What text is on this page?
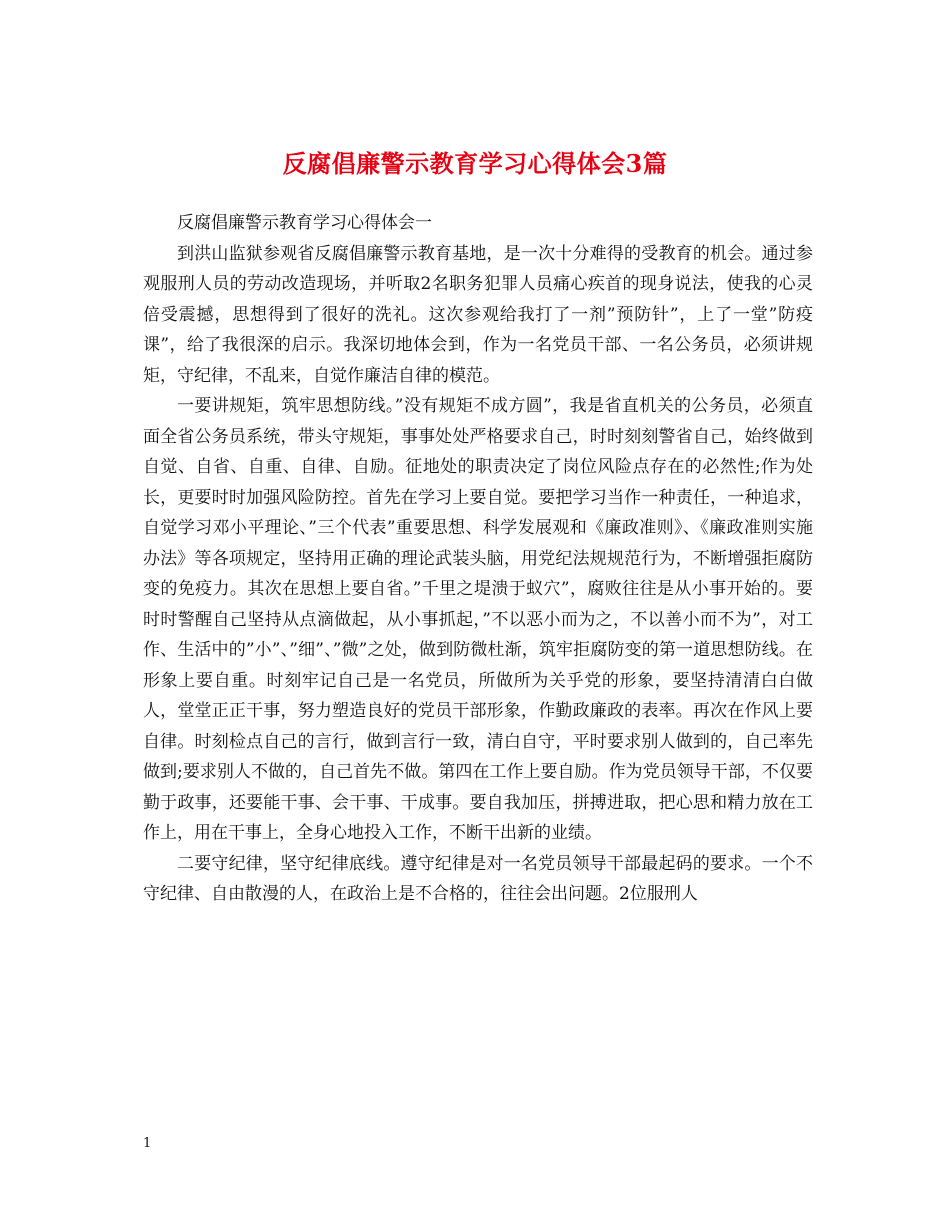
反腐倡廉警示教育学习心得体会3篇

反腐倡廉警示教育学习心得体会一

到洪山监狱参观省反腐倡廉警示教育基地，是一次十分难得的受教育的机会。通过参观服刑人员的劳动改造现场，并听取2名职务犯罪人员痛心疾首的现身说法，使我的心灵倍受震撼，思想得到了很好的洗礼。这次参观给我打了一剂”预防针”，上了一堂”防疫课”，给了我很深的启示。我深切地体会到，作为一名党员干部、一名公务员，必须讲规矩，守纪律，不乱来，自觉作廉洁自律的模范。

一要讲规矩，筑牢思想防线。”没有规矩不成方圆”，我是省直机关的公务员，必须直面全省公务员系统，带头守规矩，事事处处严格要求自己，时时刻刻警省自己，始终做到自觉、自省、自重、自律、自励。征地处的职责决定了岗位风险点存在的必然性;作为处长，更要时时加强风险防控。首先在学习上要自觉。要把学习当作一种责任，一种追求，自觉学习邓小平理论、”三个代表”重要思想、科学发展观和《廉政准则》、《廉政准则实施办法》等各项规定，坚持用正确的理论武装头脑，用党纪法规规范行为，不断增强拒腐防变的免疫力。其次在思想上要自省。”千里之堤溃于蚁穴”，腐败往往是从小事开始的。要时时警醒自己坚持从点滴做起，从小事抓起，”不以恶小而为之，不以善小而不为”，对工作、生活中的”小”、”细”、”微”之处，做到防微杜渐，筑牢拒腐防变的第一道思想防线。在形象上要自重。时刻牢记自己是一名党员，所做所为关乎党的形象，要坚持清清白白做人，堂堂正正干事，努力塑造良好的党员干部形象，作勤政廉政的表率。再次在作风上要自律。时刻检点自己的言行，做到言行一致，清白自守，平时要求别人做到的，自己率先做到;要求别人不做的，自己首先不做。第四在工作上要自励。作为党员领导干部，不仅要勤于政事，还要能干事、会干事、干成事。要自我加压，拼搏进取，把心思和精力放在工作上，用在干事上，全身心地投入工作，不断干出新的业绩。

二要守纪律，坚守纪律底线。遵守纪律是对一名党员领导干部最起码的要求。一个不守纪律、自由散漫的人，在政治上是不合格的，往往会出问题。2位服刑人

1
